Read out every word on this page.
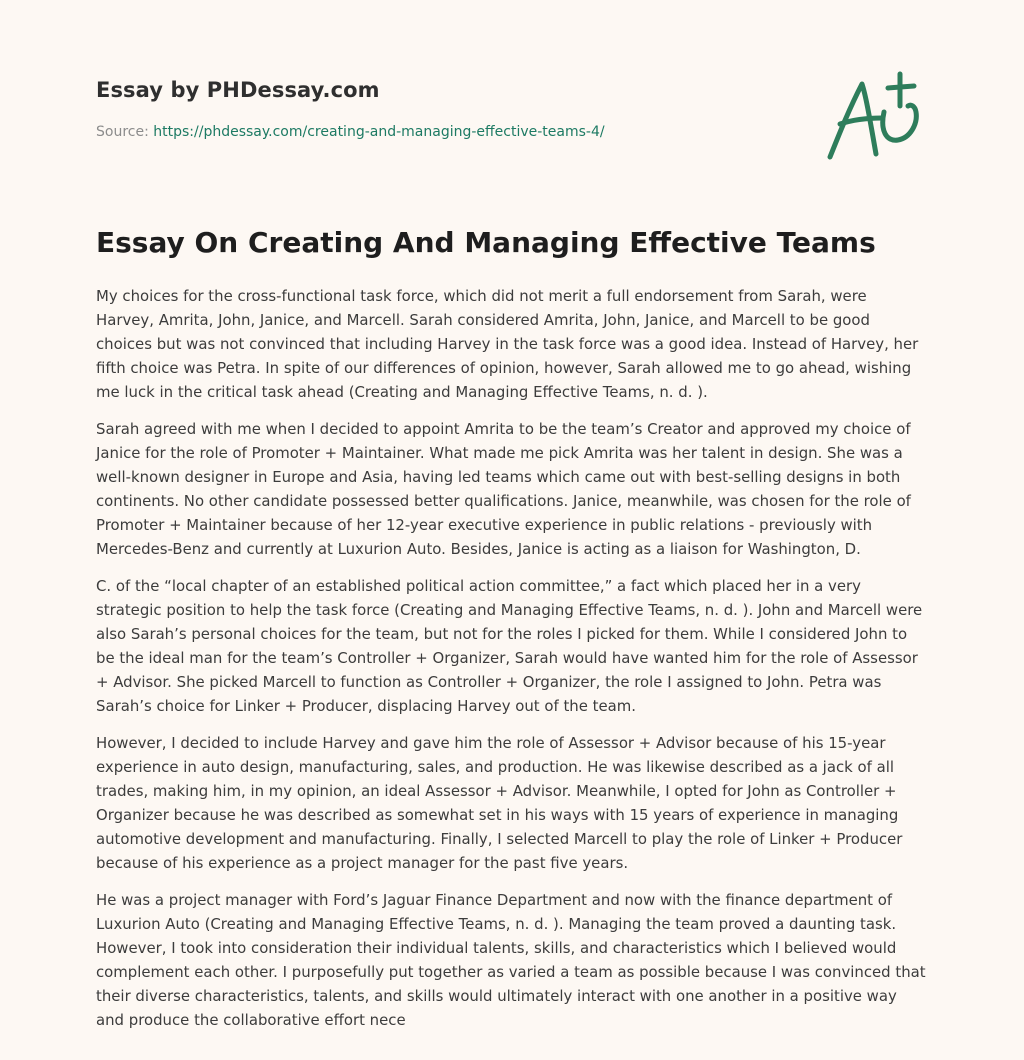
Essay by PHDessay.com
Source: https://phdessay.com/creating-and-managing-effective-teams-4/
Essay On Creating And Managing Effective Teams

My choices for the cross-functional task force, which did not merit a full endorsement from Sarah, were Harvey, Amrita, John, Janice, and Marcell. Sarah considered Amrita, John, Janice, and Marcell to be good choices but was not convinced that including Harvey in the task force was a good idea. Instead of Harvey, her fifth choice was Petra. In spite of our differences of opinion, however, Sarah allowed me to go ahead, wishing me luck in the critical task ahead (Creating and Managing Effective Teams, n. d. ).

Sarah agreed with me when I decided to appoint Amrita to be the team’s Creator and approved my choice of Janice for the role of Promoter + Maintainer. What made me pick Amrita was her talent in design. She was a well-known designer in Europe and Asia, having led teams which came out with best-selling designs in both continents. No other candidate possessed better qualifications. Janice, meanwhile, was chosen for the role of Promoter + Maintainer because of her 12-year executive experience in public relations - previously with Mercedes-Benz and currently at Luxurion Auto. Besides, Janice is acting as a liaison for Washington, D.

C. of the “local chapter of an established political action committee,” a fact which placed her in a very strategic position to help the task force (Creating and Managing Effective Teams, n. d. ). John and Marcell were also Sarah’s personal choices for the team, but not for the roles I picked for them. While I considered John to be the ideal man for the team’s Controller + Organizer, Sarah would have wanted him for the role of Assessor + Advisor. She picked Marcell to function as Controller + Organizer, the role I assigned to John. Petra was Sarah’s choice for Linker + Producer, displacing Harvey out of the team.

However, I decided to include Harvey and gave him the role of Assessor + Advisor because of his 15-year experience in auto design, manufacturing, sales, and production. He was likewise described as a jack of all trades, making him, in my opinion, an ideal Assessor + Advisor. Meanwhile, I opted for John as Controller + Organizer because he was described as somewhat set in his ways with 15 years of experience in managing automotive development and manufacturing. Finally, I selected Marcell to play the role of Linker + Producer because of his experience as a project manager for the past five years.

He was a project manager with Ford’s Jaguar Finance Department and now with the finance department of Luxurion Auto (Creating and Managing Effective Teams, n. d. ). Managing the team proved a daunting task. However, I took into consideration their individual talents, skills, and characteristics which I believed would complement each other. I purposefully put together as varied a team as possible because I was convinced that their diverse characteristics, talents, and skills would ultimately interact with one another in a positive way and produce the collaborative effort nece
